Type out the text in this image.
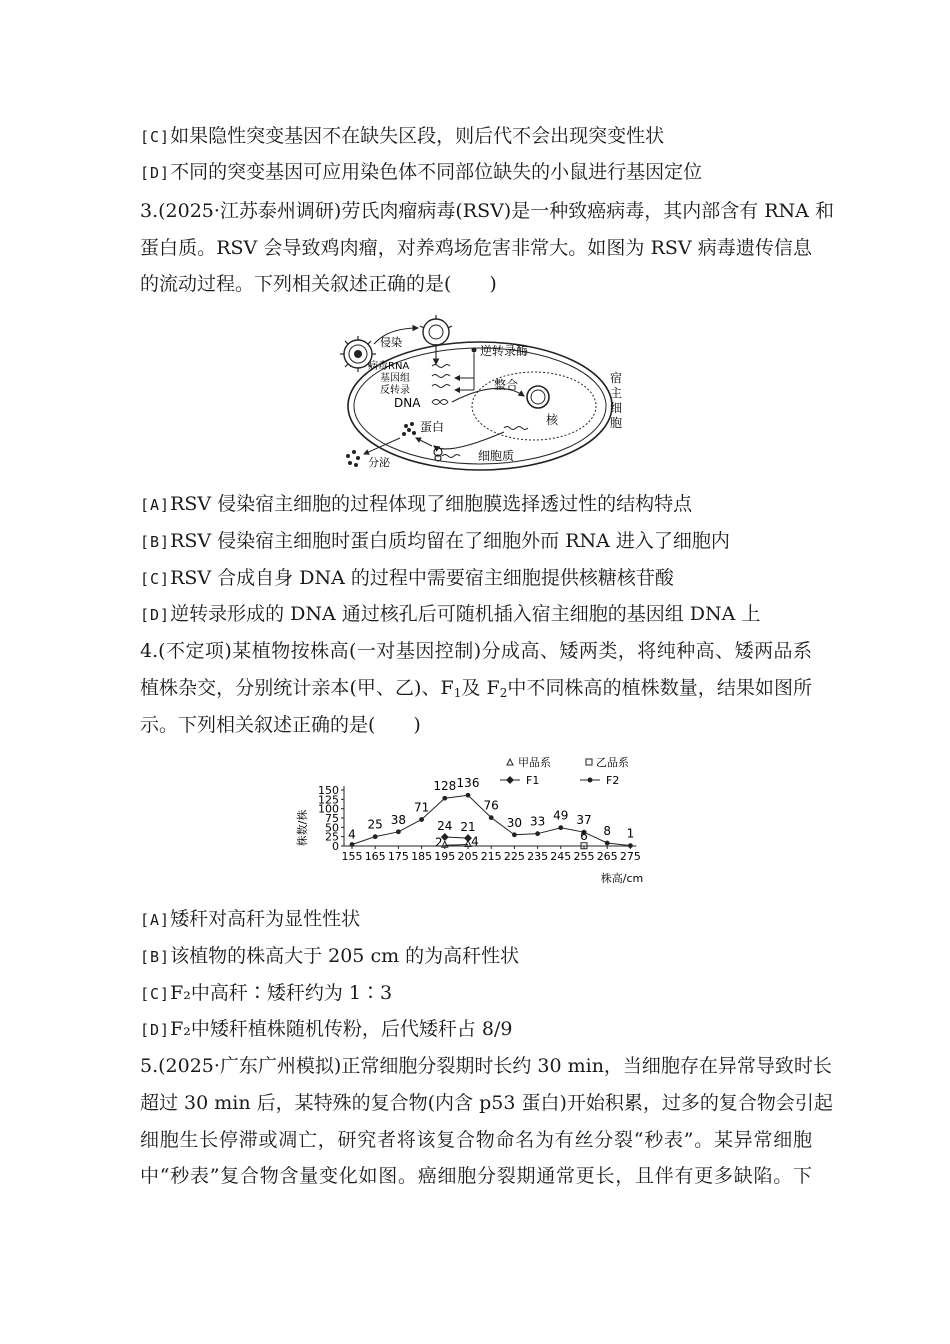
[C]如果隐性突变基因不在缺失区段，则后代不会出现突变性状
[D]不同的突变基因可应用染色体不同部位缺失的小鼠进行基因定位
3.(2025·江苏泰州调研)劳氏肉瘤病毒(RSV)是一种致癌病毒，其内部含有 RNA 和
蛋白质。RSV 会导致鸡肉瘤，对养鸡场危害非常大。如图为 RSV 病毒遗传信息
的流动过程。下列相关叙述正确的是(　　)
侵染
病毒RNA
基因组
反转录
DNA
逆转录酶
整合
核
细胞质
蛋白
分泌
宿
主
细
胞
[A]RSV 侵染宿主细胞的过程体现了细胞膜选择透过性的结构特点
[B]RSV 侵染宿主细胞时蛋白质均留在了细胞外而 RNA 进入了细胞内
[C]RSV 合成自身 DNA 的过程中需要宿主细胞提供核糖核苷酸
[D]逆转录形成的 DNA 通过核孔后可随机插入宿主细胞的基因组 DNA 上
4.(不定项)某植物按株高(一对基因控制)分成高、矮两类，将纯种高、矮两品系
植株杂交，分别统计亲本(甲、乙)、$F_1$及 $F_2$中不同株高的植株数量，结果如图所
示。下列相关叙述正确的是(　　)
0
25
50
75
100
125
150
155 165 175 185 195 205 215 225 235 245 255 265 275
4
25 38
71
128 136
76
30 33 49 37
8 1
24 21
2 4	6
株数/株
株高/cm
甲品系	乙品系
F1	F2
[A]矮秆对高秆为显性性状
[B]该植物的株高大于 205 cm 的为高秆性状
[C]F₂中高秆∶矮秆约为 1∶3
[D]F₂中矮秆植株随机传粉，后代矮秆占 8/9
5.(2025·广东广州模拟)正常细胞分裂期时长约 30 min，当细胞存在异常导致时长
超过 30 min 后，某特殊的复合物(内含 p53 蛋白)开始积累，过多的复合物会引起
细胞生长停滞或凋亡，研究者将该复合物命名为有丝分裂“秒表”。某异常细胞
中“秒表”复合物含量变化如图。癌细胞分裂期通常更长，且伴有更多缺陷。下
